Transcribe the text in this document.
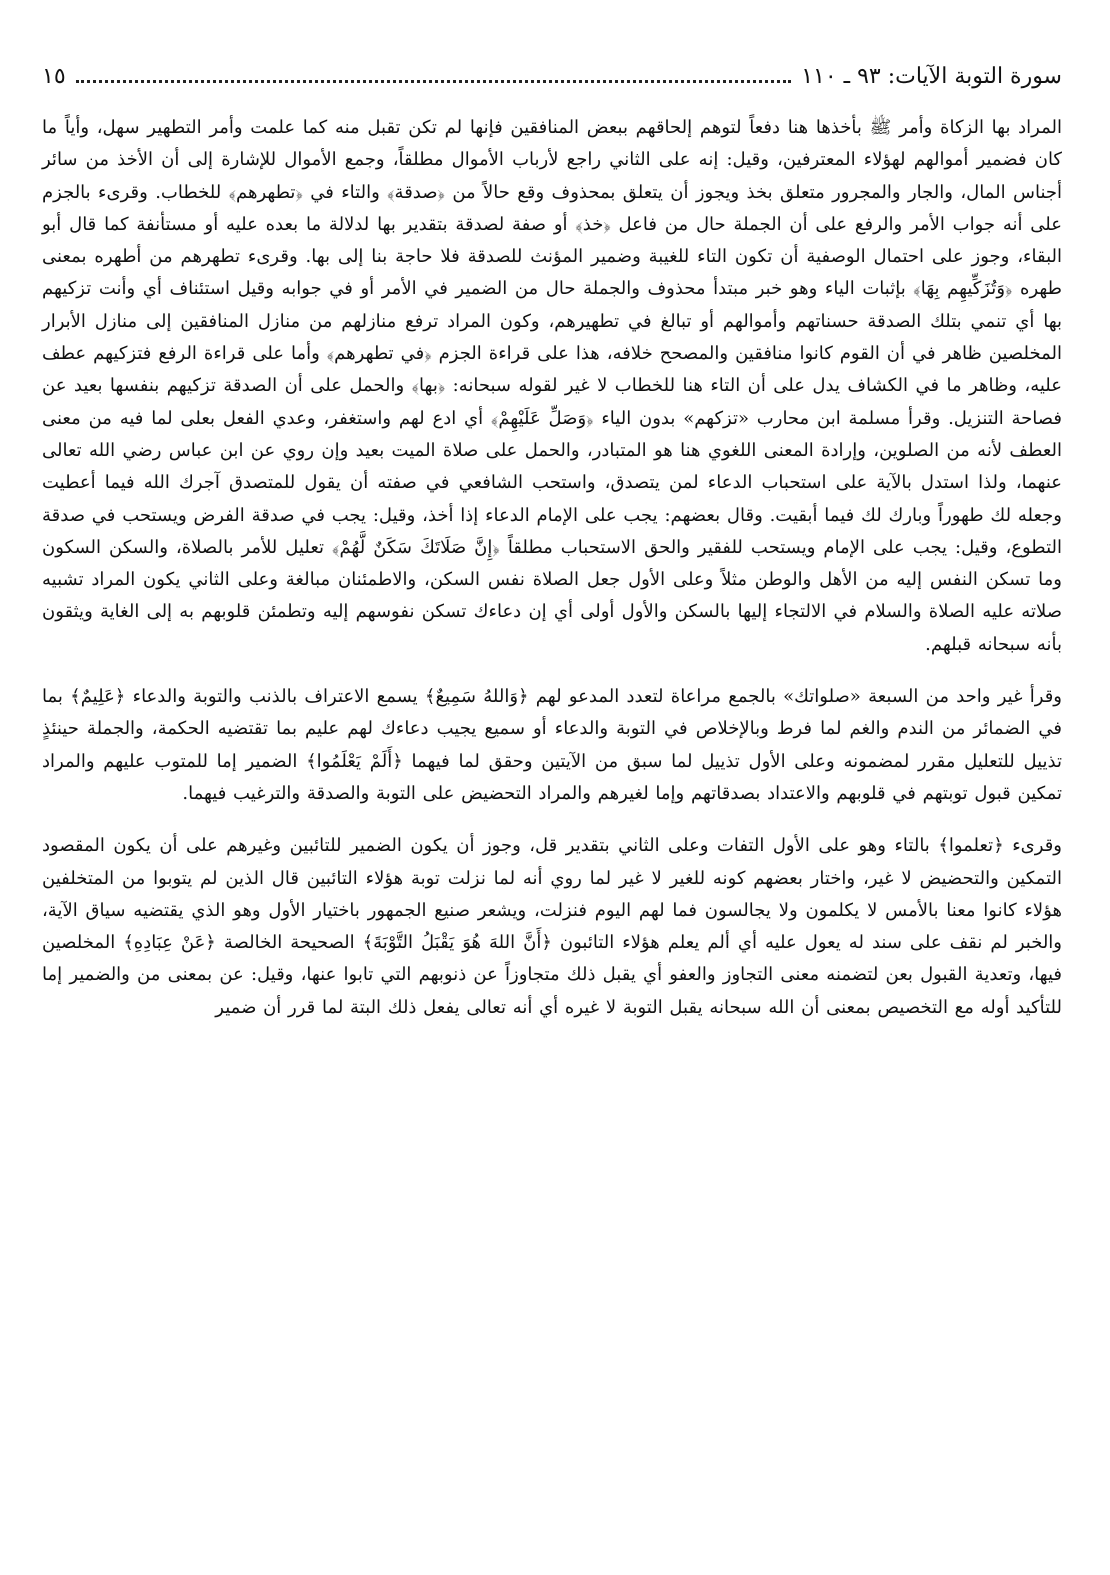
سورة التوبة الآيات: ٩٣ ـ ١١٠
١٥

المراد بها الزكاة وأمر ﷺ بأخذها هنا دفعاً لتوهم إلحاقهم ببعض المنافقين فإنها لم تكن تقبل منه كما علمت وأمر التطهير سهل، وأياً ما كان فضمير أموالهم لهؤلاء المعترفين، وقيل: إنه على الثاني راجع لأرباب الأموال مطلقاً، وجمع الأموال للإشارة إلى أن الأخذ من سائر أجناس المال، والجار والمجرور متعلق بخذ ويجوز أن يتعلق بمحذوف وقع حالاً من ﴿صدقة﴾ والتاء في ﴿تطهرهم﴾ للخطاب. وقرىء بالجزم على أنه جواب الأمر والرفع على أن الجملة حال من فاعل ﴿خذ﴾ أو صفة لصدقة بتقدير بها لدلالة ما بعده عليه أو مستأنفة كما قال أبو البقاء، وجوز على احتمال الوصفية أن تكون التاء للغيبة وضمير المؤنث للصدقة فلا حاجة بنا إلى بها. وقرىء تطهرهم من أطهره بمعنى طهره ﴿وَتُزَكِّيهِم بِهَا﴾ بإثبات الياء وهو خبر مبتدأ محذوف والجملة حال من الضمير في الأمر أو في جوابه وقيل استئناف أي وأنت تزكيهم بها أي تنمي بتلك الصدقة حسناتهم وأموالهم أو تبالغ في تطهيرهم، وكون المراد ترفع منازلهم من منازل المنافقين إلى منازل الأبرار المخلصين ظاهر في أن القوم كانوا منافقين والمصحح خلافه، هذا على قراءة الجزم ﴿في تطهرهم﴾ وأما على قراءة الرفع فتزكيهم عطف عليه، وظاهر ما في الكشاف يدل على أن التاء هنا للخطاب لا غير لقوله سبحانه: ﴿بها﴾ والحمل على أن الصدقة تزكيهم بنفسها بعيد عن فصاحة التنزيل. وقرأ مسلمة ابن محارب «تزكهم» بدون الياء ﴿وَصَلِّ عَلَيْهِمْ﴾ أي ادع لهم واستغفر، وعدي الفعل بعلى لما فيه من معنى العطف لأنه من الصلوين، وإرادة المعنى اللغوي هنا هو المتبادر، والحمل على صلاة الميت بعيد وإن روي عن ابن عباس رضي الله تعالى عنهما، ولذا استدل بالآية على استحباب الدعاء لمن يتصدق، واستحب الشافعي في صفته أن يقول للمتصدق آجرك الله فيما أعطيت وجعله لك طهوراً وبارك لك فيما أبقيت. وقال بعضهم: يجب على الإمام الدعاء إذا أخذ، وقيل: يجب في صدقة الفرض ويستحب في صدقة التطوع، وقيل: يجب على الإمام ويستحب للفقير والحق الاستحباب مطلقاً ﴿إِنَّ صَلَاتَكَ سَكَنٌ لَّهُمْ﴾ تعليل للأمر بالصلاة، والسكن السكون وما تسكن النفس إليه من الأهل والوطن مثلاً وعلى الأول جعل الصلاة نفس السكن، والاطمئنان مبالغة وعلى الثاني يكون المراد تشبيه صلاته عليه الصلاة والسلام في الالتجاء إليها بالسكن والأول أولى أي إن دعاءك تسكن نفوسهم إليه وتطمئن قلوبهم به إلى الغاية ويثقون بأنه سبحانه قبلهم.

وقرأ غير واحد من السبعة «صلواتك» بالجمع مراعاة لتعدد المدعو لهم ﴿وَاللهُ سَمِيعٌ﴾ يسمع الاعتراف بالذنب والتوبة والدعاء ﴿عَلِيمٌ﴾ بما في الضمائر من الندم والغم لما فرط وبالإخلاص في التوبة والدعاء أو سميع يجيب دعاءك لهم عليم بما تقتضيه الحكمة، والجملة حينئذٍ تذييل للتعليل مقرر لمضمونه وعلى الأول تذييل لما سبق من الآيتين وحقق لما فيهما ﴿أَلَمْ يَعْلَمُوا﴾ الضمير إما للمتوب عليهم والمراد تمكين قبول توبتهم في قلوبهم والاعتداد بصدقاتهم وإما لغيرهم والمراد التحضيض على التوبة والصدقة والترغيب فيهما.

وقرىء ﴿تعلموا﴾ بالتاء وهو على الأول التفات وعلى الثاني بتقدير قل، وجوز أن يكون الضمير للتائبين وغيرهم على أن يكون المقصود التمكين والتحضيض لا غير، واختار بعضهم كونه للغير لا غير لما روي أنه لما نزلت توبة هؤلاء التائبين قال الذين لم يتوبوا من المتخلفين هؤلاء كانوا معنا بالأمس لا يكلمون ولا يجالسون فما لهم اليوم فنزلت، ويشعر صنيع الجمهور باختيار الأول وهو الذي يقتضيه سياق الآية، والخبر لم نقف على سند له يعول عليه أي ألم يعلم هؤلاء التائبون ﴿أَنَّ اللهَ هُوَ يَقْبَلُ التَّوْبَةَ﴾ الصحيحة الخالصة ﴿عَنْ عِبَادِهِ﴾ المخلصين فيها، وتعدية القبول بعن لتضمنه معنى التجاوز والعفو أي يقبل ذلك متجاوزاً عن ذنوبهم التي تابوا عنها، وقيل: عن بمعنى من والضمير إما للتأكيد أوله مع التخصيص بمعنى أن الله سبحانه يقبل التوبة لا غيره أي أنه تعالى يفعل ذلك البتة لما قرر أن ضمير
